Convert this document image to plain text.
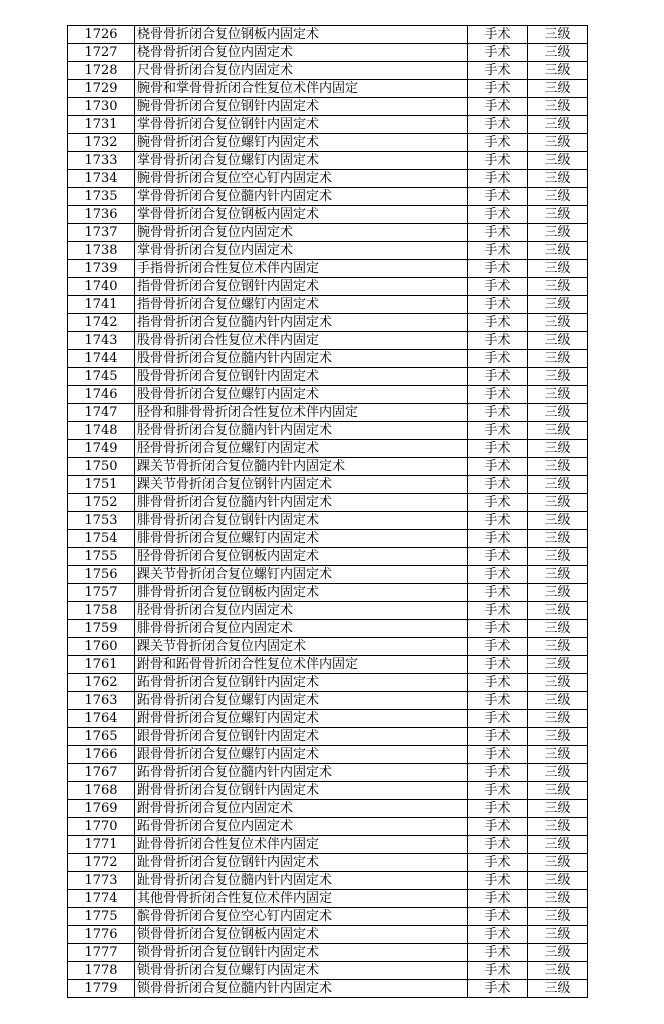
1726	桡骨骨折闭合复位钢板内固定术	手术	三级
1727	桡骨骨折闭合复位内固定术	手术	三级
1728	尺骨骨折闭合复位内固定术	手术	三级
1729	腕骨和掌骨骨折闭合性复位术伴内固定	手术	三级
1730	腕骨骨折闭合复位钢针内固定术	手术	三级
1731	掌骨骨折闭合复位钢针内固定术	手术	三级
1732	腕骨骨折闭合复位螺钉内固定术	手术	三级
1733	掌骨骨折闭合复位螺钉内固定术	手术	三级
1734	腕骨骨折闭合复位空心钉内固定术	手术	三级
1735	掌骨骨折闭合复位髓内针内固定术	手术	三级
1736	掌骨骨折闭合复位钢板内固定术	手术	三级
1737	腕骨骨折闭合复位内固定术	手术	三级
1738	掌骨骨折闭合复位内固定术	手术	三级
1739	手指骨折闭合性复位术伴内固定	手术	三级
1740	指骨骨折闭合复位钢针内固定术	手术	三级
1741	指骨骨折闭合复位螺钉内固定术	手术	三级
1742	指骨骨折闭合复位髓内针内固定术	手术	三级
1743	股骨骨折闭合性复位术伴内固定	手术	三级
1744	股骨骨折闭合复位髓内针内固定术	手术	三级
1745	股骨骨折闭合复位钢针内固定术	手术	三级
1746	股骨骨折闭合复位螺钉内固定术	手术	三级
1747	胫骨和腓骨骨折闭合性复位术伴内固定	手术	三级
1748	胫骨骨折闭合复位髓内针内固定术	手术	三级
1749	胫骨骨折闭合复位螺钉内固定术	手术	三级
1750	踝关节骨折闭合复位髓内针内固定术	手术	三级
1751	踝关节骨折闭合复位钢针内固定术	手术	三级
1752	腓骨骨折闭合复位髓内针内固定术	手术	三级
1753	腓骨骨折闭合复位钢针内固定术	手术	三级
1754	腓骨骨折闭合复位螺钉内固定术	手术	三级
1755	胫骨骨折闭合复位钢板内固定术	手术	三级
1756	踝关节骨折闭合复位螺钉内固定术	手术	三级
1757	腓骨骨折闭合复位钢板内固定术	手术	三级
1758	胫骨骨折闭合复位内固定术	手术	三级
1759	腓骨骨折闭合复位内固定术	手术	三级
1760	踝关节骨折闭合复位内固定术	手术	三级
1761	跗骨和跖骨骨折闭合性复位术伴内固定	手术	三级
1762	跖骨骨折闭合复位钢针内固定术	手术	三级
1763	跖骨骨折闭合复位螺钉内固定术	手术	三级
1764	跗骨骨折闭合复位螺钉内固定术	手术	三级
1765	跟骨骨折闭合复位钢针内固定术	手术	三级
1766	跟骨骨折闭合复位螺钉内固定术	手术	三级
1767	跖骨骨折闭合复位髓内针内固定术	手术	三级
1768	跗骨骨折闭合复位钢针内固定术	手术	三级
1769	跗骨骨折闭合复位内固定术	手术	三级
1770	跖骨骨折闭合复位内固定术	手术	三级
1771	趾骨骨折闭合性复位术伴内固定	手术	三级
1772	趾骨骨折闭合复位钢针内固定术	手术	三级
1773	趾骨骨折闭合复位髓内针内固定术	手术	三级
1774	其他骨骨折闭合性复位术伴内固定	手术	三级
1775	髌骨骨折闭合复位空心钉内固定术	手术	三级
1776	锁骨骨折闭合复位钢板内固定术	手术	三级
1777	锁骨骨折闭合复位钢针内固定术	手术	三级
1778	锁骨骨折闭合复位螺钉内固定术	手术	三级
1779	锁骨骨折闭合复位髓内针内固定术	手术	三级
